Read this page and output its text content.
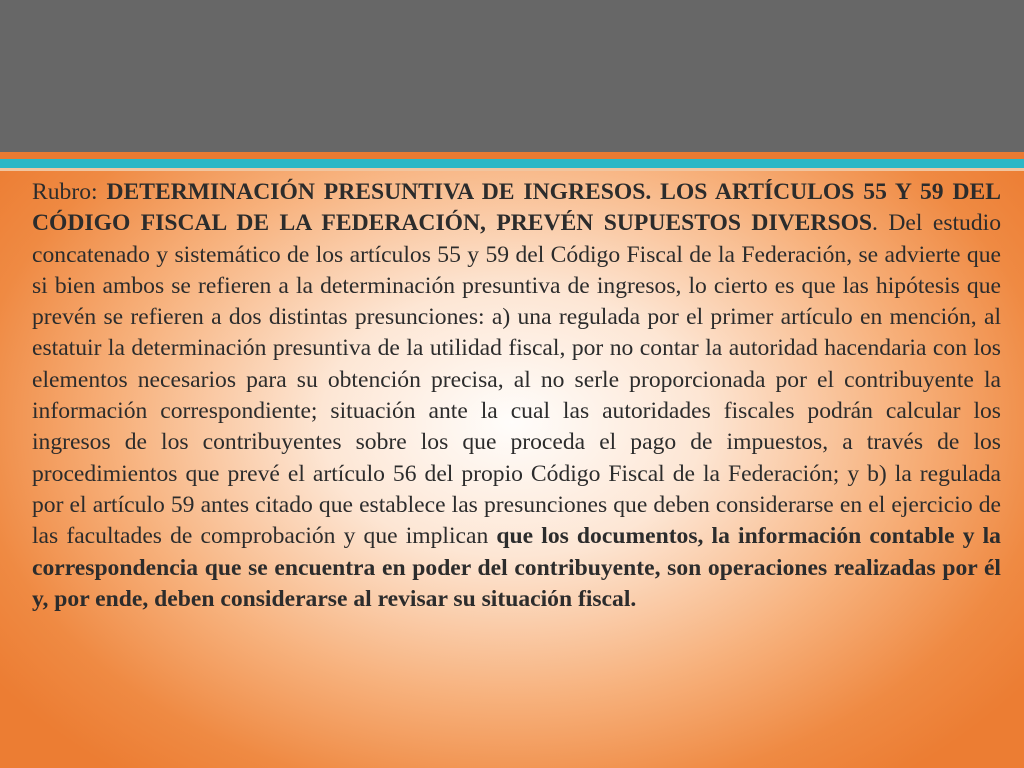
Rubro: DETERMINACIÓN PRESUNTIVA DE INGRESOS. LOS ARTÍCULOS 55 Y 59 DEL CÓDIGO FISCAL DE LA FEDERACIÓN, PREVÉN SUPUESTOS DIVERSOS. Del estudio concatenado y sistemático de los artículos 55 y 59 del Código Fiscal de la Federación, se advierte que si bien ambos se refieren a la determinación presuntiva de ingresos, lo cierto es que las hipótesis que prevén se refieren a dos distintas presunciones: a) una regulada por el primer artículo en mención, al estatuir la determinación presuntiva de la utilidad fiscal, por no contar la autoridad hacendaria con los elementos necesarios para su obtención precisa, al no serle proporcionada por el contribuyente la información correspondiente; situación ante la cual las autoridades fiscales podrán calcular los ingresos de los contribuyentes sobre los que proceda el pago de impuestos, a través de los procedimientos que prevé el artículo 56 del propio Código Fiscal de la Federación; y b) la regulada por el artículo 59 antes citado que establece las presunciones que deben considerarse en el ejercicio de las facultades de comprobación y que implican que los documentos, la información contable y la correspondencia que se encuentra en poder del contribuyente, son operaciones realizadas por él y, por ende, deben considerarse al revisar su situación fiscal.
